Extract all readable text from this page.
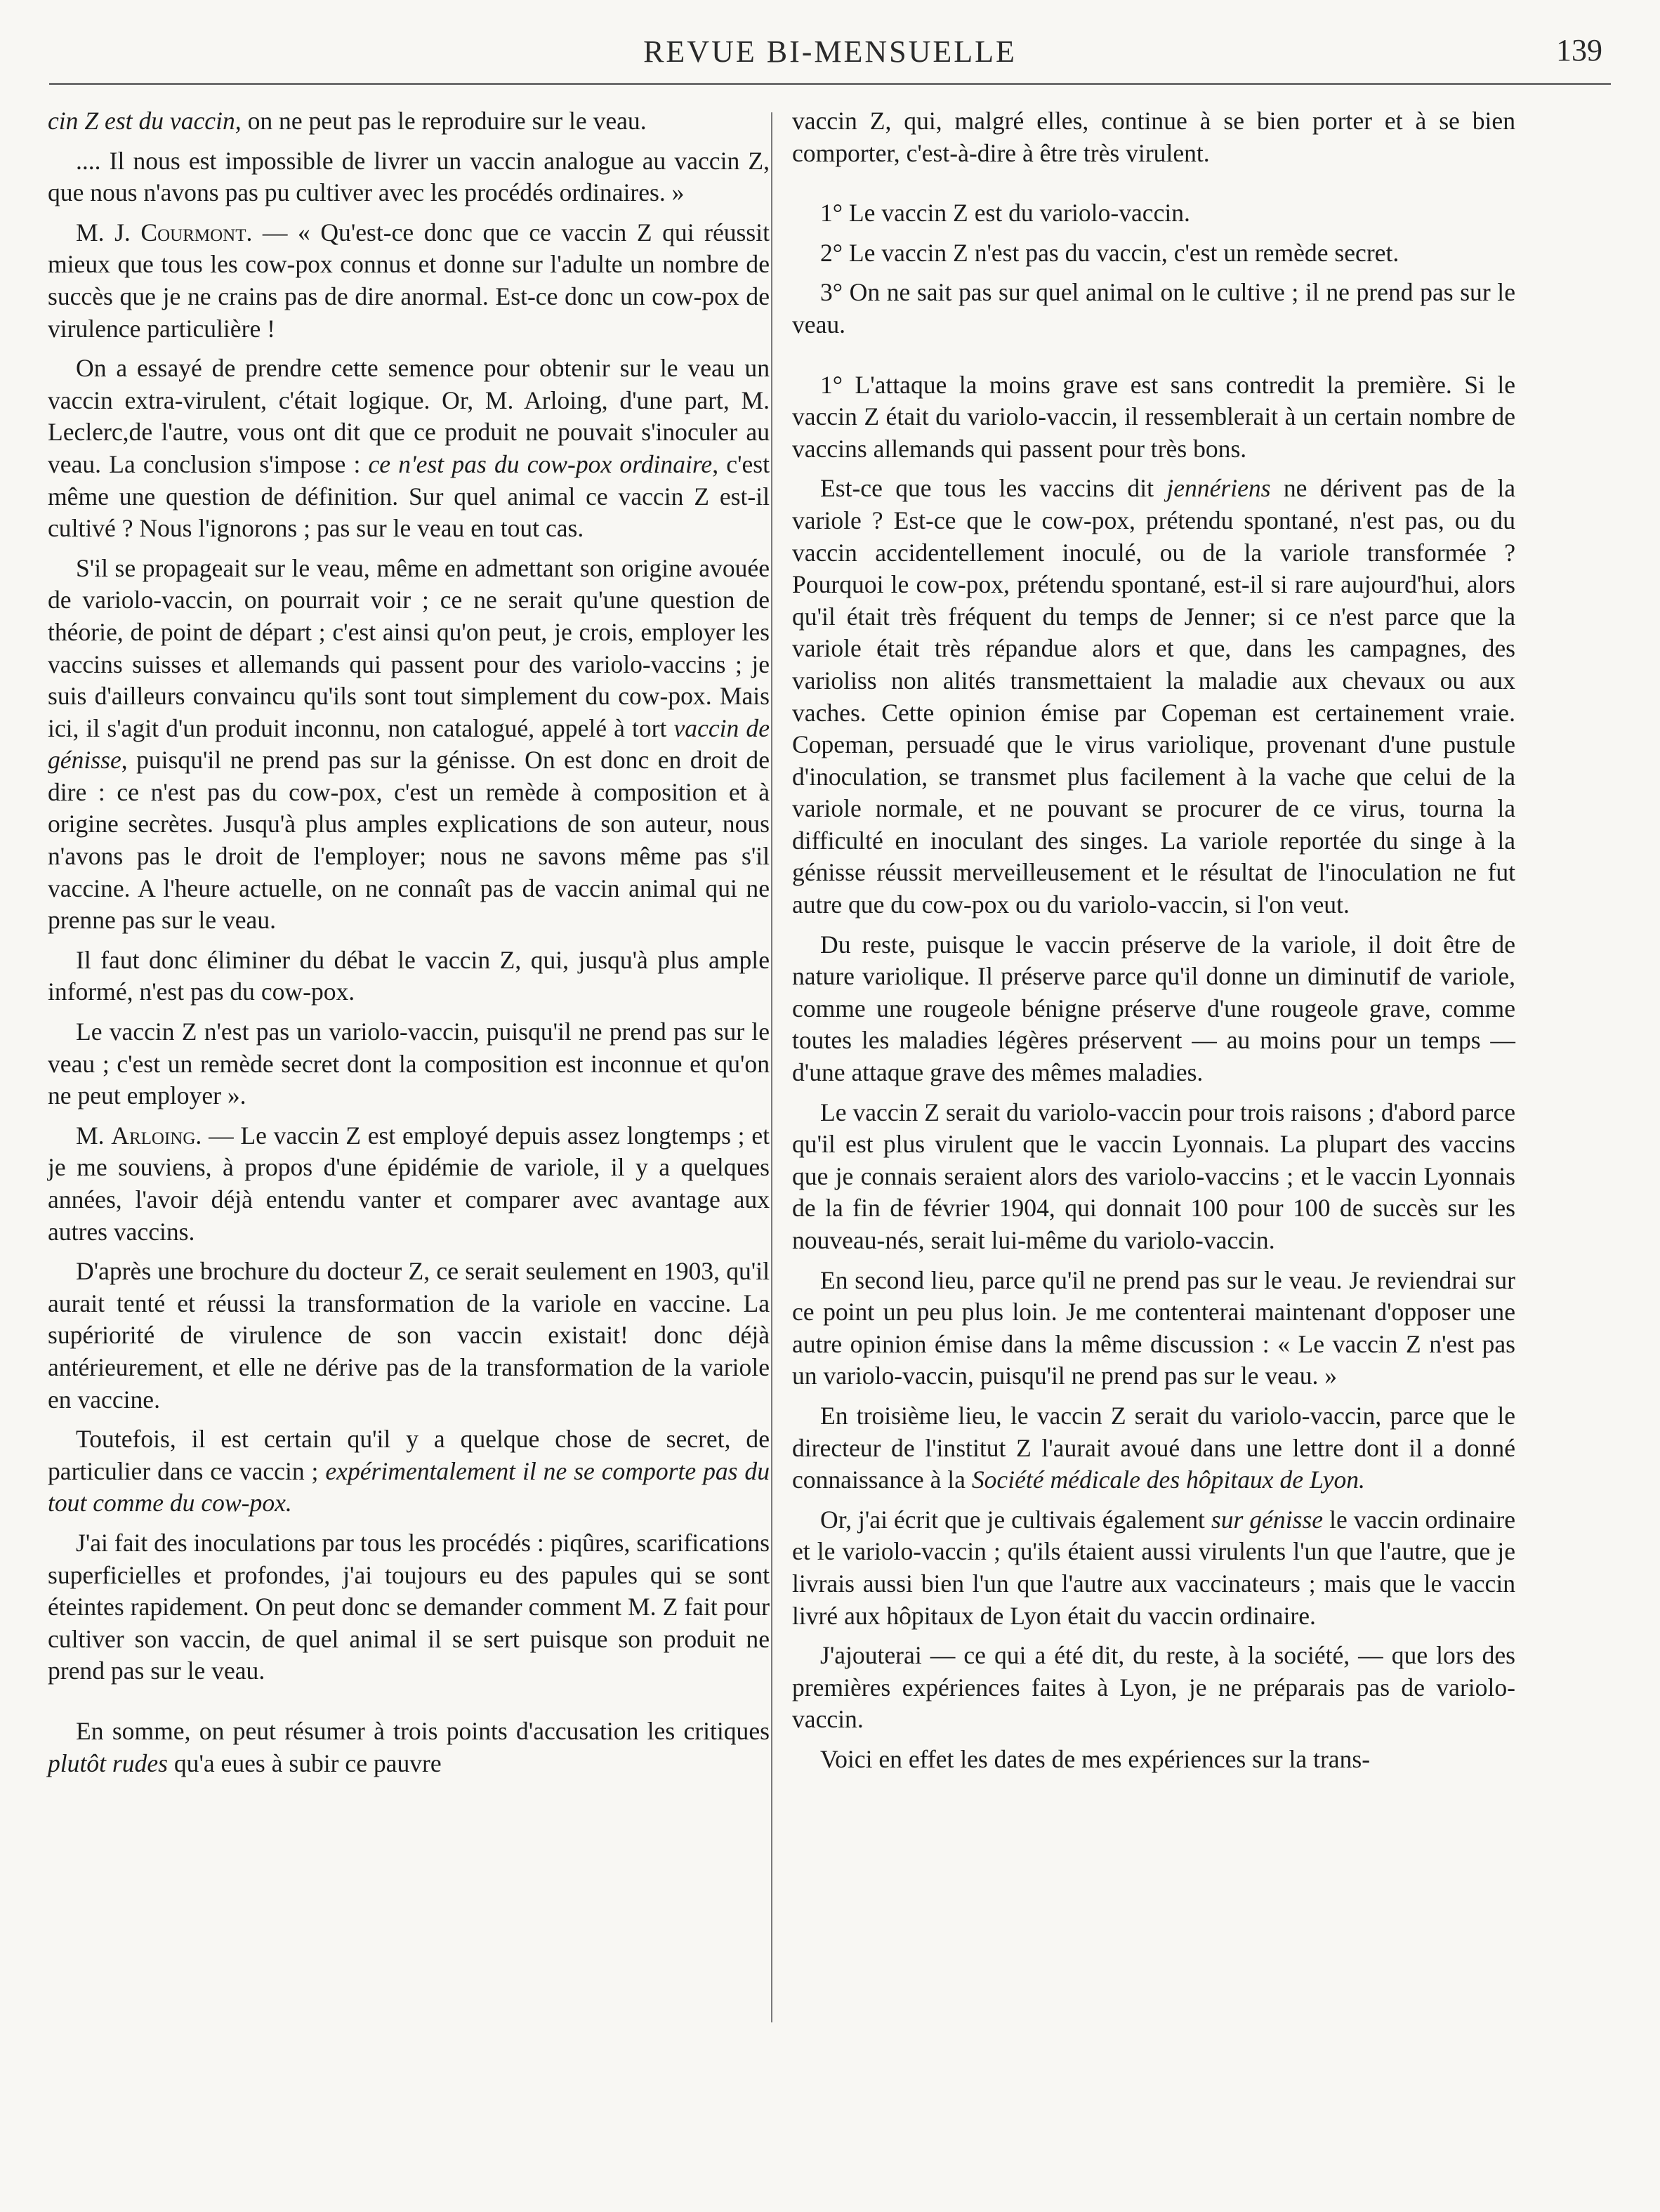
REVUE BI-MENSUELLE	139

cin Z est du vaccin, on ne peut pas le reproduire sur le veau.

.... Il nous est impossible de livrer un vaccin analogue au vaccin Z, que nous n'avons pas pu cultiver avec les procédés ordinaires. »

M. J. Courmont. — « Qu'est-ce donc que ce vaccin Z qui réussit mieux que tous les cow-pox connus et donne sur l'adulte un nombre de succès que je ne crains pas de dire anormal. Est-ce donc un cow-pox de virulence particulière !

On a essayé de prendre cette semence pour obtenir sur le veau un vaccin extra-virulent, c'était logique. Or, M. Arloing, d'une part, M. Leclerc,de l'autre, vous ont dit que ce produit ne pouvait s'inoculer au veau. La conclusion s'impose : ce n'est pas du cow-pox ordinaire, c'est même une question de définition. Sur quel animal ce vaccin Z est-il cultivé ? Nous l'ignorons ; pas sur le veau en tout cas.

S'il se propageait sur le veau, même en admettant son origine avouée de variolo-vaccin, on pourrait voir ; ce ne serait qu'une question de théorie, de point de départ ; c'est ainsi qu'on peut, je crois, employer les vaccins suisses et allemands qui passent pour des variolo-vaccins ; je suis d'ailleurs convaincu qu'ils sont tout simplement du cow-pox. Mais ici, il s'agit d'un produit inconnu, non catalogué, appelé à tort vaccin de génisse, puisqu'il ne prend pas sur la génisse. On est donc en droit de dire : ce n'est pas du cow-pox, c'est un remède à composition et à origine secrètes. Jusqu'à plus amples explications de son auteur, nous n'avons pas le droit de l'employer; nous ne savons même pas s'il vaccine. A l'heure actuelle, on ne connaît pas de vaccin animal qui ne prenne pas sur le veau.

Il faut donc éliminer du débat le vaccin Z, qui, jusqu'à plus ample informé, n'est pas du cow-pox.

Le vaccin Z n'est pas un variolo-vaccin, puisqu'il ne prend pas sur le veau ; c'est un remède secret dont la composition est inconnue et qu'on ne peut employer ».

M. Arloing. — Le vaccin Z est employé depuis assez longtemps ; et je me souviens, à propos d'une épidémie de variole, il y a quelques années, l'avoir déjà entendu vanter et comparer avec avantage aux autres vaccins.

D'après une brochure du docteur Z, ce serait seulement en 1903, qu'il aurait tenté et réussi la transformation de la variole en vaccine. La supériorité de virulence de son vaccin existait! donc déjà antérieurement, et elle ne dérive pas de la transformation de la variole en vaccine.

Toutefois, il est certain qu'il y a quelque chose de secret, de particulier dans ce vaccin ; expérimentalement il ne se comporte pas du tout comme du cow-pox.

J'ai fait des inoculations par tous les procédés : piqûres, scarifications superficielles et profondes, j'ai toujours eu des papules qui se sont éteintes rapidement. On peut donc se demander comment M. Z fait pour cultiver son vaccin, de quel animal il se sert puisque son produit ne prend pas sur le veau.

En somme, on peut résumer à trois points d'accusation les critiques plutôt rudes qu'a eues à subir ce pauvre

vaccin Z, qui, malgré elles, continue à se bien porter et à se bien comporter, c'est-à-dire à être très virulent.

1° Le vaccin Z est du variolo-vaccin.

2° Le vaccin Z n'est pas du vaccin, c'est un remède secret.

3° On ne sait pas sur quel animal on le cultive ; il ne prend pas sur le veau.

1° L'attaque la moins grave est sans contredit la première. Si le vaccin Z était du variolo-vaccin, il ressemblerait à un certain nombre de vaccins allemands qui passent pour très bons.

Est-ce que tous les vaccins dit jennériens ne dérivent pas de la variole ? Est-ce que le cow-pox, prétendu spontané, n'est pas, ou du vaccin accidentellement inoculé, ou de la variole transformée ? Pourquoi le cow-pox, prétendu spontané, est-il si rare aujourd'hui, alors qu'il était très fréquent du temps de Jenner; si ce n'est parce que la variole était très répandue alors et que, dans les campagnes, des varioliss non alités transmettaient la maladie aux chevaux ou aux vaches. Cette opinion émise par Copeman est certainement vraie. Copeman, persuadé que le virus variolique, provenant d'une pustule d'inoculation, se transmet plus facilement à la vache que celui de la variole normale, et ne pouvant se procurer de ce virus, tourna la difficulté en inoculant des singes. La variole reportée du singe à la génisse réussit merveilleusement et le résultat de l'inoculation ne fut autre que du cow-pox ou du variolo-vaccin, si l'on veut.

Du reste, puisque le vaccin préserve de la variole, il doit être de nature variolique. Il préserve parce qu'il donne un diminutif de variole, comme une rougeole bénigne préserve d'une rougeole grave, comme toutes les maladies légères préservent — au moins pour un temps — d'une attaque grave des mêmes maladies.

Le vaccin Z serait du variolo-vaccin pour trois raisons ; d'abord parce qu'il est plus virulent que le vaccin Lyonnais. La plupart des vaccins que je connais seraient alors des variolo-vaccins ; et le vaccin Lyonnais de la fin de février 1904, qui donnait 100 pour 100 de succès sur les nouveau-nés, serait lui-même du variolo-vaccin.

En second lieu, parce qu'il ne prend pas sur le veau. Je reviendrai sur ce point un peu plus loin. Je me contenterai maintenant d'opposer une autre opinion émise dans la même discussion : « Le vaccin Z n'est pas un variolo-vaccin, puisqu'il ne prend pas sur le veau. »

En troisième lieu, le vaccin Z serait du variolo-vaccin, parce que le directeur de l'institut Z l'aurait avoué dans une lettre dont il a donné connaissance à la Société médicale des hôpitaux de Lyon.

Or, j'ai écrit que je cultivais également sur génisse le vaccin ordinaire et le variolo-vaccin ; qu'ils étaient aussi virulents l'un que l'autre, que je livrais aussi bien l'un que l'autre aux vaccinateurs ; mais que le vaccin livré aux hôpitaux de Lyon était du vaccin ordinaire.

J'ajouterai — ce qui a été dit, du reste, à la société, — que lors des premières expériences faites à Lyon, je ne préparais pas de variolo-vaccin.

Voici en effet les dates de mes expériences sur la trans-
